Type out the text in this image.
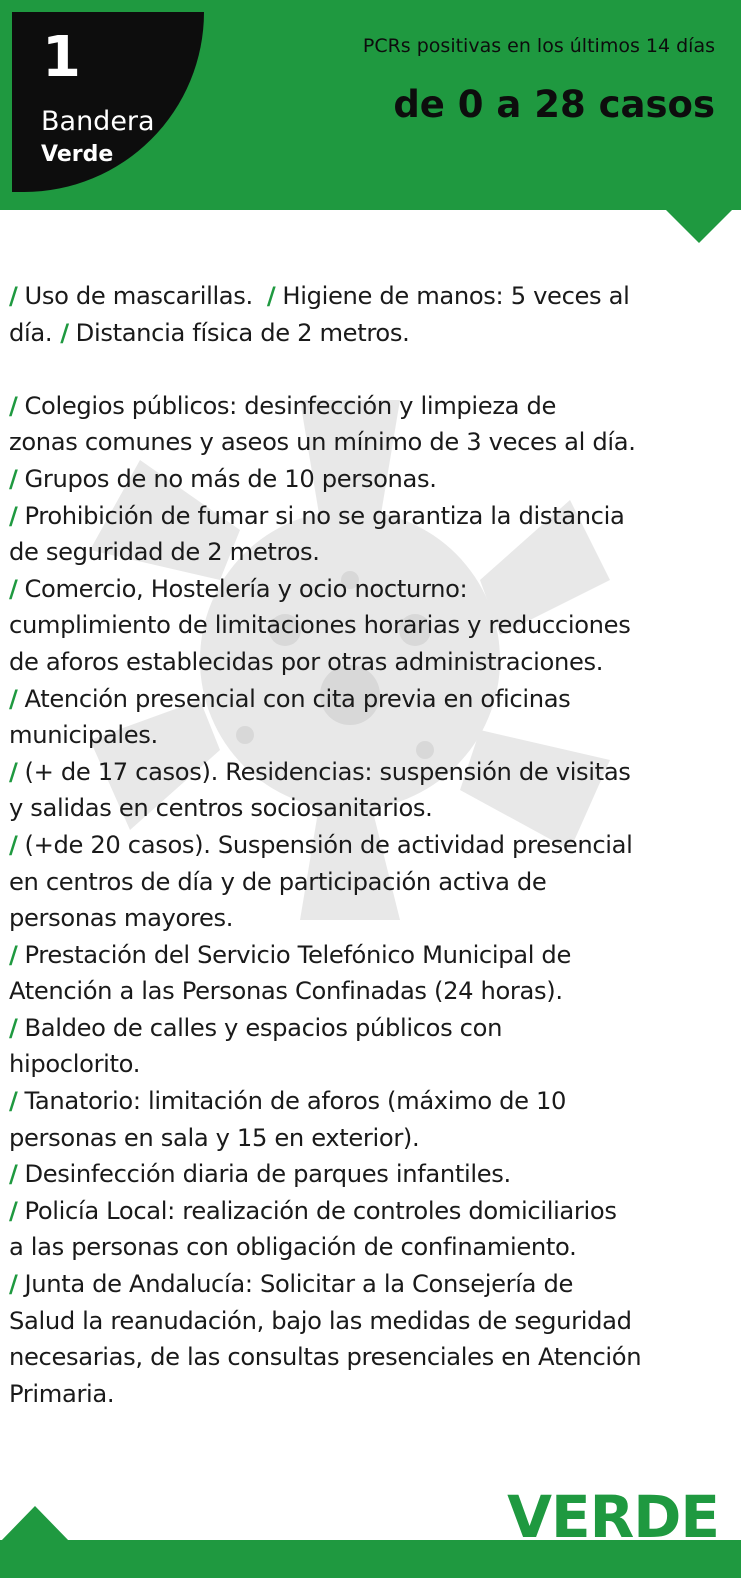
1
Bandera
Verde
PCRs positivas en los últimos 14 días
de 0 a 28 casos
/ Uso de mascarillas. / Higiene de manos: 5 veces al
día. / Distancia física de 2 metros.
/ Colegios públicos: desinfección y limpieza de
zonas comunes y aseos un mínimo de 3 veces al día.
/ Grupos de no más de 10 personas.
/ Prohibición de fumar si no se garantiza la distancia
de seguridad de 2 metros.
/ Comercio, Hostelería y ocio nocturno:
cumplimiento de limitaciones horarias y reducciones
de aforos establecidas por otras administraciones.
/ Atención presencial con cita previa en oficinas
municipales.
/ (+ de 17 casos). Residencias: suspensión de visitas
y salidas en centros sociosanitarios.
/ (+de 20 casos). Suspensión de actividad presencial
en centros de día y de participación activa de
personas mayores.
/ Prestación del Servicio Telefónico Municipal de
Atención a las Personas Confinadas (24 horas).
/ Baldeo de calles y espacios públicos con
hipoclorito.
/ Tanatorio: limitación de aforos (máximo de 10
personas en sala y 15 en exterior).
/ Desinfección diaria de parques infantiles.
/ Policía Local: realización de controles domiciliarios
a las personas con obligación de confinamiento.
/ Junta de Andalucía: Solicitar a la Consejería de
Salud la reanudación, bajo las medidas de seguridad
necesarias, de las consultas presenciales en Atención
Primaria.
VERDE
